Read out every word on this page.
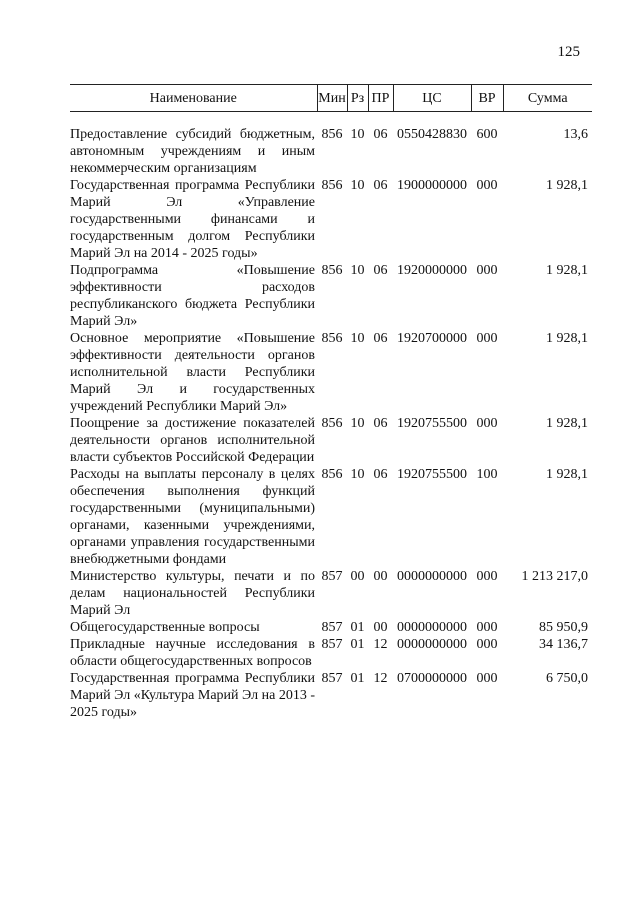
125
Наименование	Мин	Рз	ПР	ЦС	ВР	Сумма

Предоставление субсидий бюджетным, автономным учреждениям и иным некоммерческим организациям	856	10	06	0550428830	600	13,6
Государственная программа Республики Марий Эл «Управление государственными финансами и государственным долгом Республики Марий Эл на 2014 - 2025 годы»	856	10	06	1900000000	000	1 928,1
Подпрограмма «Повышение эффективности расходов республиканского бюджета Республики Марий Эл»	856	10	06	1920000000	000	1 928,1
Основное мероприятие «Повышение эффективности деятельности органов исполнительной власти Республики Марий Эл и государственных учреждений Республики Марий Эл»	856	10	06	1920700000	000	1 928,1
Поощрение за достижение показателей деятельности органов исполнительной власти субъектов Российской Федерации	856	10	06	1920755500	000	1 928,1
Расходы на выплаты персоналу в целях обеспечения выполнения функций государственными (муниципальными) органами, казенными учреждениями, органами управления государственными внебюджетными фондами	856	10	06	1920755500	100	1 928,1
Министерство культуры, печати и по делам национальностей Республики Марий Эл	857	00	00	0000000000	000	1 213 217,0
Общегосударственные вопросы	857	01	00	0000000000	000	85 950,9
Прикладные научные исследования в области общегосударственных вопросов	857	01	12	0000000000	000	34 136,7
Государственная программа Республики Марий Эл «Культура Марий Эл на 2013 - 2025 годы»	857	01	12	0700000000	000	6 750,0
